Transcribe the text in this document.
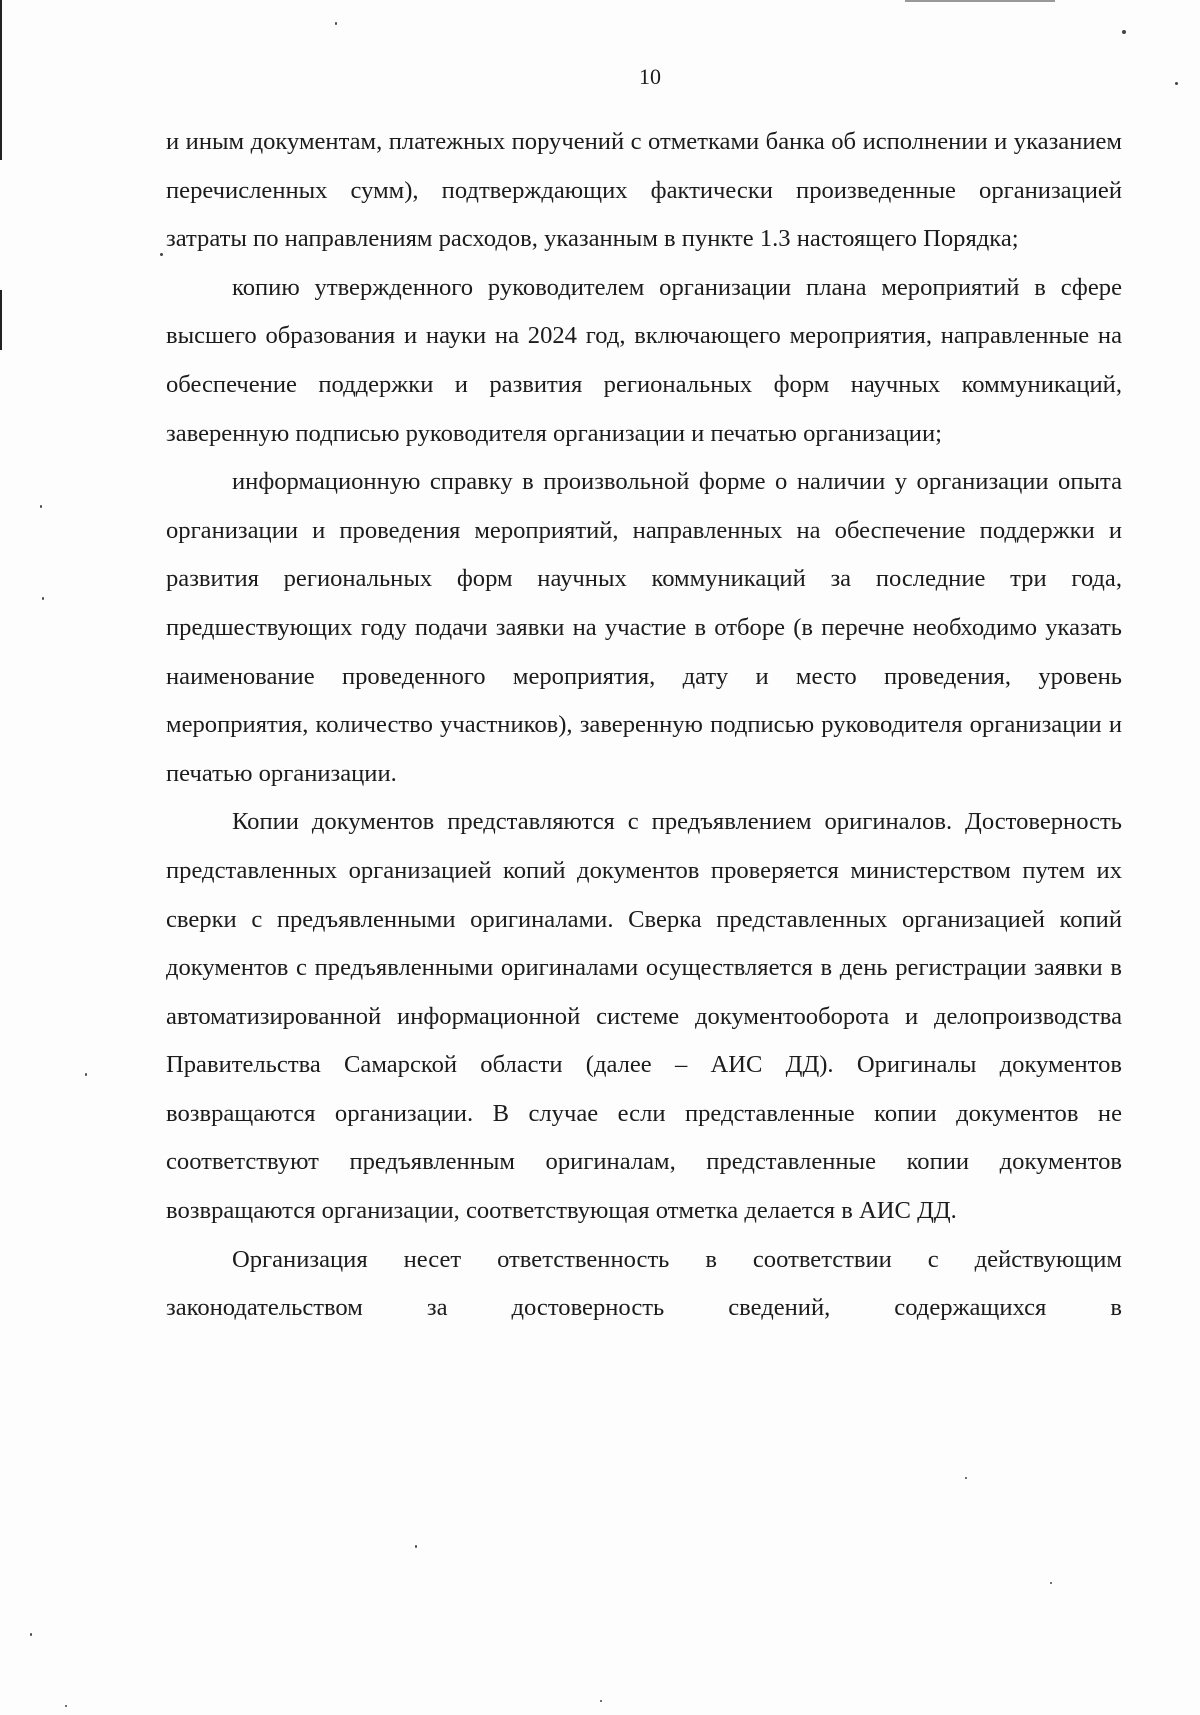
10

и иным документам, платежных поручений с отметками банка об исполнении и указанием перечисленных сумм), подтверждающих фактически произведенные организацией затраты по направлениям расходов, указанным в пункте 1.3 настоящего Порядка;

копию утвержденного руководителем организации плана мероприятий в сфере высшего образования и науки на 2024 год, включающего мероприятия, направленные на обеспечение поддержки и развития региональных форм научных коммуникаций, заверенную подписью руководителя организации и печатью организации;

информационную справку в произвольной форме о наличии у организации опыта организации и проведения мероприятий, направленных на обеспечение поддержки и развития региональных форм научных коммуникаций за последние три года, предшествующих году подачи заявки на участие в отборе (в перечне необходимо указать наименование проведенного мероприятия, дату и место проведения, уровень мероприятия, количество участников), заверенную подписью руководителя организации и печатью организации.

Копии документов представляются с предъявлением оригиналов. Достоверность представленных организацией копий документов проверяется министерством путем их сверки с предъявленными оригиналами. Сверка представленных организацией копий документов с предъявленными оригиналами осуществляется в день регистрации заявки в автоматизированной информационной системе документооборота и делопроизводства Правительства Самарской области (далее – АИС ДД). Оригиналы документов возвращаются организации. В случае если представленные копии документов не соответствуют предъявленным оригиналам, представленные копии документов возвращаются организации, соответствующая отметка делается в АИС ДД.

Организация несет ответственность в соответствии с действующим законодательством за достоверность сведений, содержащихся в
